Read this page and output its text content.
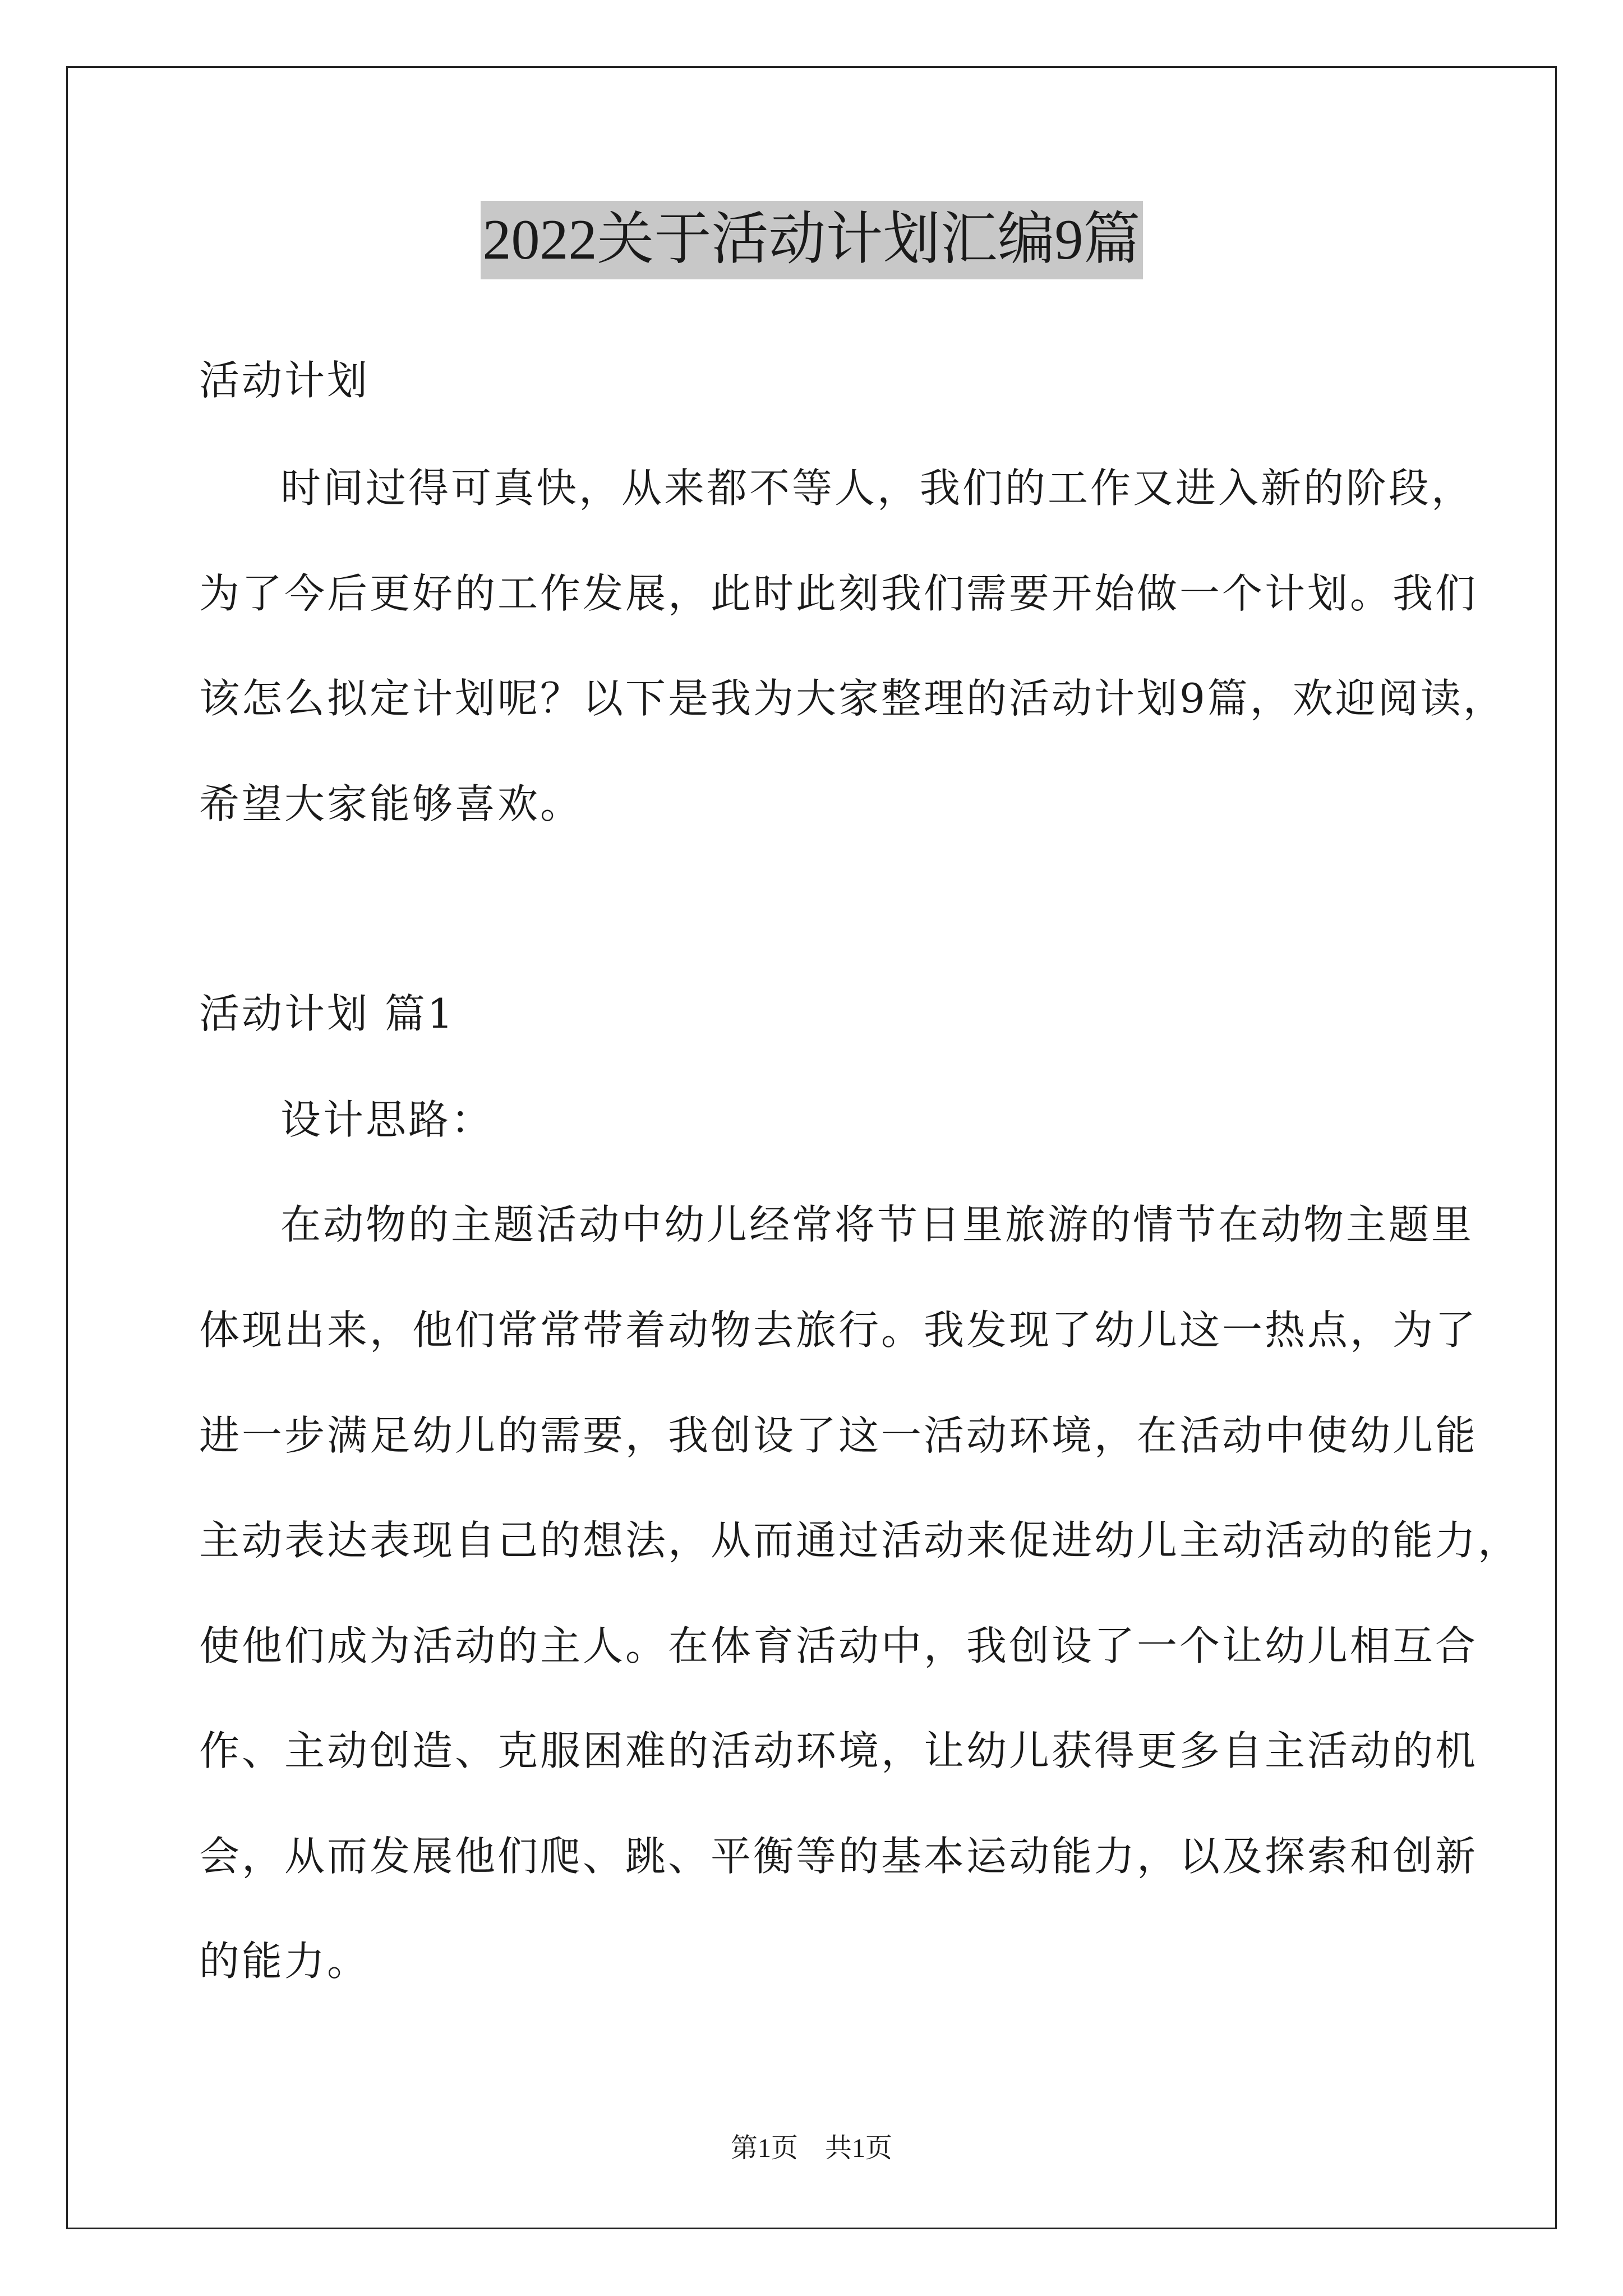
2022关于活动计划汇编9篇
活动计划
时间过得可真快，从来都不等人，我们的工作又进入新的阶段，
为了今后更好的工作发展，此时此刻我们需要开始做一个计划。我们
该怎么拟定计划呢？以下是我为大家整理的活动计划9篇，欢迎阅读，
希望大家能够喜欢。
活动计划 篇1
设计思路：
在动物的主题活动中幼儿经常将节日里旅游的情节在动物主题里
体现出来，他们常常带着动物去旅行。我发现了幼儿这一热点，为了
进一步满足幼儿的需要，我创设了这一活动环境，在活动中使幼儿能
主动表达表现自己的想法，从而通过活动来促进幼儿主动活动的能力，
使他们成为活动的主人。在体育活动中，我创设了一个让幼儿相互合
作、主动创造、克服困难的活动环境，让幼儿获得更多自主活动的机
会，从而发展他们爬、跳、平衡等的基本运动能力，以及探索和创新
的能力。
第1页 共1页
